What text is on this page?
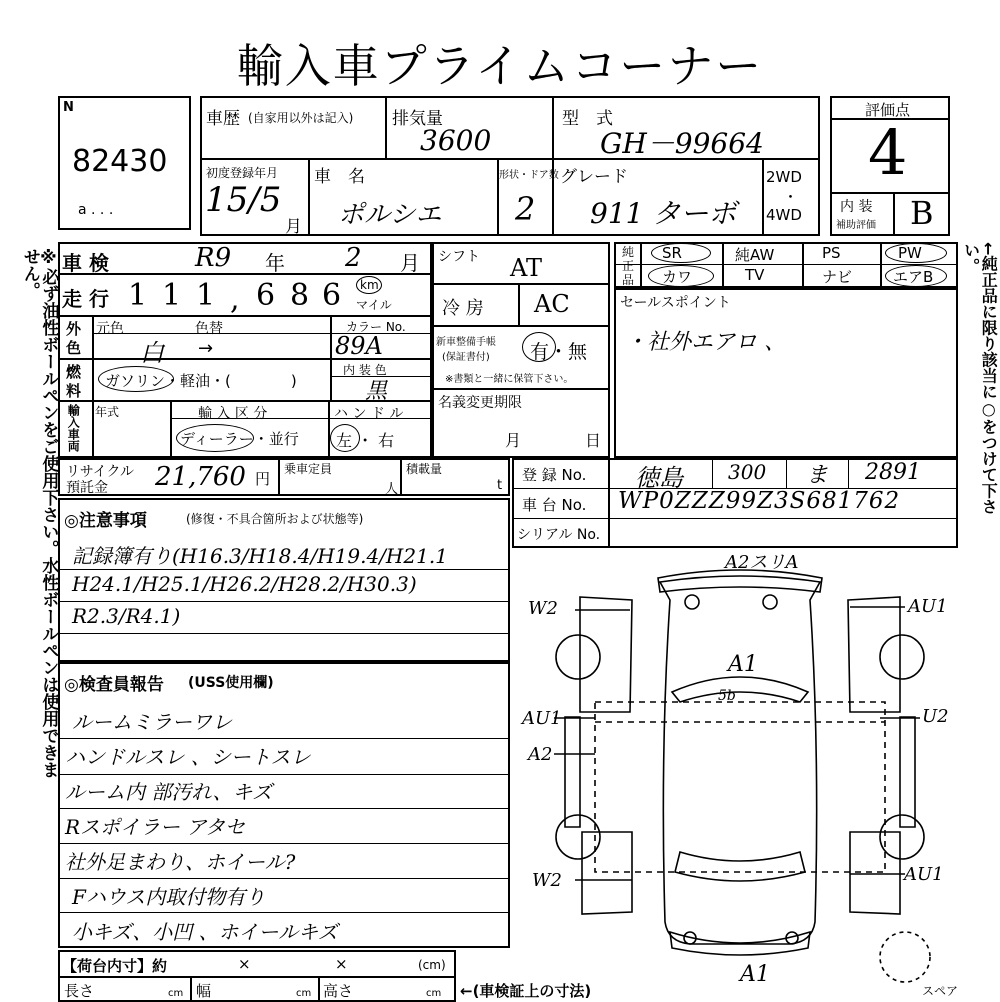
輸入車プライムコーナー
※必ず油性ボールペンをご使用下さい。水性ボールペンは使用できません。	←純正品に限り該当に○をつけて下さい。
N
82430
a . . .
車歴 (自家用以外は記入) 排気量
3600
型　式
GH－99664
初度登録年月
15/5
月
車　名
ポルシエ
形状・ドア数
2
グレード
911 ターボ
2WD
・
4WD
評価点
4
内 装
補助評価 B
車 検	R9 年 2 月
走 行 1 1 1 , 6 8 6 km
マイル
外
色
元色	色替
白 →
カラー No.
89A
燃
料
ガソリン・軽油・(　　　　)
内 装 色
黒
輸入車両 年式	輸 入 区 分
ディーラー・並行
ハ ン ド ル
左 ・ 右
シフト AT
冷 房 AC
新車整備手帳
(保証書付) 有・無
※書類と一緒に保管下さい。
名義変更期限
月	日
純
正
品
SR	純AW	PS	PW
カワ	TV	ナビ	エアB
セールスポイント
・社外エアロ 、
リサイクル
預託金 21,760 円
乗車定員
人
積載量
t
登 録 No. 徳島 300 ま 2891
車 台 No. WP0ZZZ99Z3S681762
シリアル No.
◎注意事項	(修復・不具合箇所および状態等)
記録簿有り(H16.3/H18.4/H19.4/H21.1
H24.1/H25.1/H26.2/H28.2/H30.3)
R2.3/R4.1)
◎検査員報告 (USS使用欄)
ルームミラーワレ
ハンドルスレ 、シートスレ
ルーム内 部汚れ、キズ
Rスポイラー アタセ
社外足まわり、ホイール?
Fハウス内取付物有り
小キズ、小凹 、ホイールキズ
【荷台内寸】約	×	×	(cm)
長さ	cm 幅	cm 高さ	cm ←(車検証上の寸法)
A2スリA
W2	AU1
A1
5b
AU1	U2
A2
W2	AU1
A1
スペア
